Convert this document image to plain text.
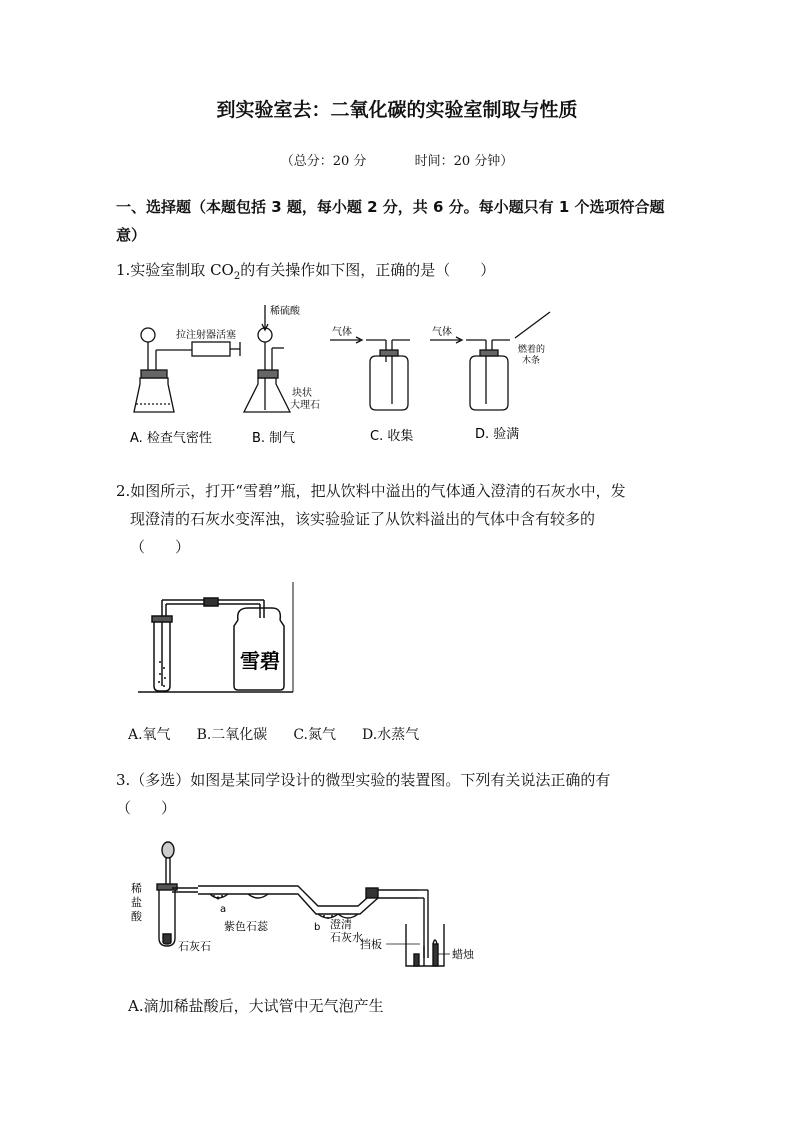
到实验室去：二氧化碳的实验室制取与性质
（总分：20 分	时间：20 分钟）
一、选择题（本题包括 3 题，每小题 2 分，共 6 分。每小题只有 1 个选项符合题意）
1.实验室制取 $CO_2$的有关操作如下图，正确的是（　　）
拉注射器活塞
稀硫酸
块状
大理石
气体	气体
燃着的
木条
A. 检查气密性	B. 制气	C. 收集	D. 验满
2.如图所示，打开“雪碧”瓶，把从饮料中溢出的气体通入澄清的石灰水中，发
现澄清的石灰水变浑浊，该实验验证了从饮料溢出的气体中含有较多的
（　　）
雪碧
A.氧气 B.二氧化碳 C.氮气 D.水蒸气
3.（多选）如图是某同学设计的微型实验的装置图。下列有关说法正确的有
（　　）
稀
盐
酸
石灰石
a
b
紫色石蕊	澄清
石灰水
挡板
蜡烛
A.滴加稀盐酸后，大试管中无气泡产生
